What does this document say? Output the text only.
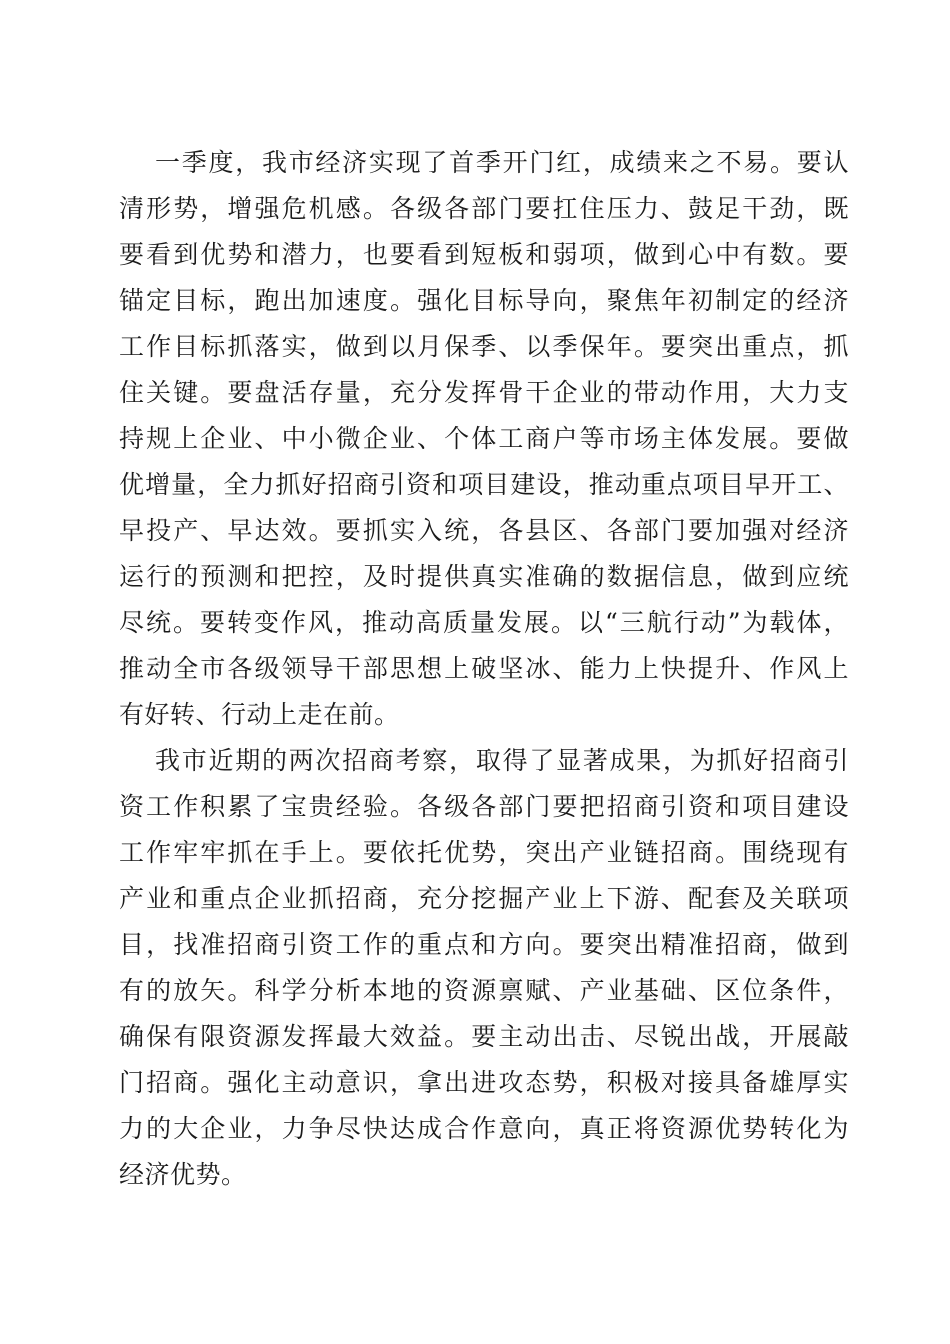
一季度，我市经济实现了首季开门红，成绩来之不易。要认
清形势，增强危机感。各级各部门要扛住压力、鼓足干劲，既
要看到优势和潜力，也要看到短板和弱项，做到心中有数。要
锚定目标，跑出加速度。强化目标导向，聚焦年初制定的经济
工作目标抓落实，做到以月保季、以季保年。要突出重点，抓
住关键。要盘活存量，充分发挥骨干企业的带动作用，大力支
持规上企业、中小微企业、个体工商户等市场主体发展。要做
优增量，全力抓好招商引资和项目建设，推动重点项目早开工、
早投产、早达效。要抓实入统，各县区、各部门要加强对经济
运行的预测和把控，及时提供真实准确的数据信息，做到应统
尽统。要转变作风，推动高质量发展。以“三航行动”为载体，
推动全市各级领导干部思想上破坚冰、能力上快提升、作风上
有好转、行动上走在前。
我市近期的两次招商考察，取得了显著成果，为抓好招商引
资工作积累了宝贵经验。各级各部门要把招商引资和项目建设
工作牢牢抓在手上。要依托优势，突出产业链招商。围绕现有
产业和重点企业抓招商，充分挖掘产业上下游、配套及关联项
目，找准招商引资工作的重点和方向。要突出精准招商，做到
有的放矢。科学分析本地的资源禀赋、产业基础、区位条件，
确保有限资源发挥最大效益。要主动出击、尽锐出战，开展敲
门招商。强化主动意识，拿出进攻态势，积极对接具备雄厚实
力的大企业，力争尽快达成合作意向，真正将资源优势转化为
经济优势。
